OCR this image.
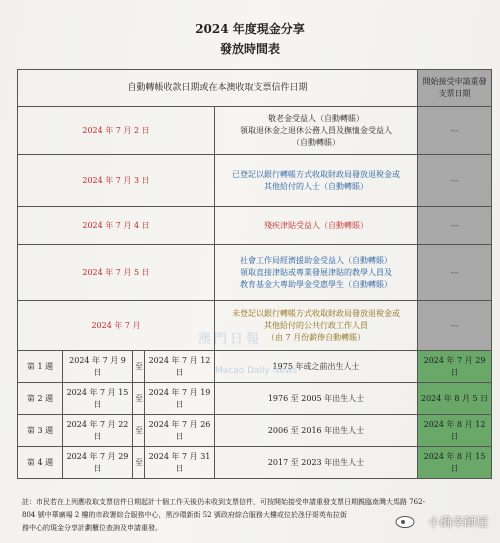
2024 年度現金分享
發放時間表
自動轉帳收款日期或在本澳收取支票信件日期					開始接受申請重發支票日期
2024 年 7 月 2 日				敬老金受益人（自動轉賬）
領取退休金之退休公務人員及撫恤金受益人
（自動轉賬）	---
2024 年 7 月 3 日				已登記以銀行轉帳方式收取財政局發放退稅金或
其他給付的人士（自動轉賬）	---
2024 年 7 月 4 日				殘疾津貼受益人（自動轉賬）	---
2024 年 7 月 5 日				社會工作局經濟援助金受益人（自動轉賬）
領取直接津貼或專業發展津貼的教學人員及
教育基金大專助學金受惠學生（自動轉賬）	---
2024 年 7 月				未登記以銀行轉帳方式收取財政局發放退稅金或
其他給付的公共行政工作人員
（由 7 月份薪俸自動轉賬）	---
第 1 週	2024 年 7 月 9 日	至	2024 年 7 月 12 日	1975 年或之前出生人士	2024 年 7 月 29 日
第 2 週	2024 年 7 月 15 日	至	2024 年 7 月 19 日	1976 至 2005 年出生人士	2024 年 8 月 5 日
第 3 週	2024 年 7 月 22 日	至	2024 年 7 月 26 日	2006 至 2016 年出生人士	2024 年 8 月 12 日
第 4 週	2024 年 7 月 29 日	至	2024 年 7 月 31 日	2017 至 2023 年出生人士	2024 年 8 月 15 日
澳門日報
Macao Daily News
註：市民若在上列應收取支票信件日期起計十個工作天後仍未收到支票信件，可按開始接受申請重發支票日期親臨南灣大馬路 762-
804 號中華廣場 2 樓的市政署綜合服務中心，黑沙環新街 52 號政府綜合服務大樓或位於氹仔哥英布拉街
務中心的現金分享計劃櫃位查詢及申請重發。	小确幸師屋
